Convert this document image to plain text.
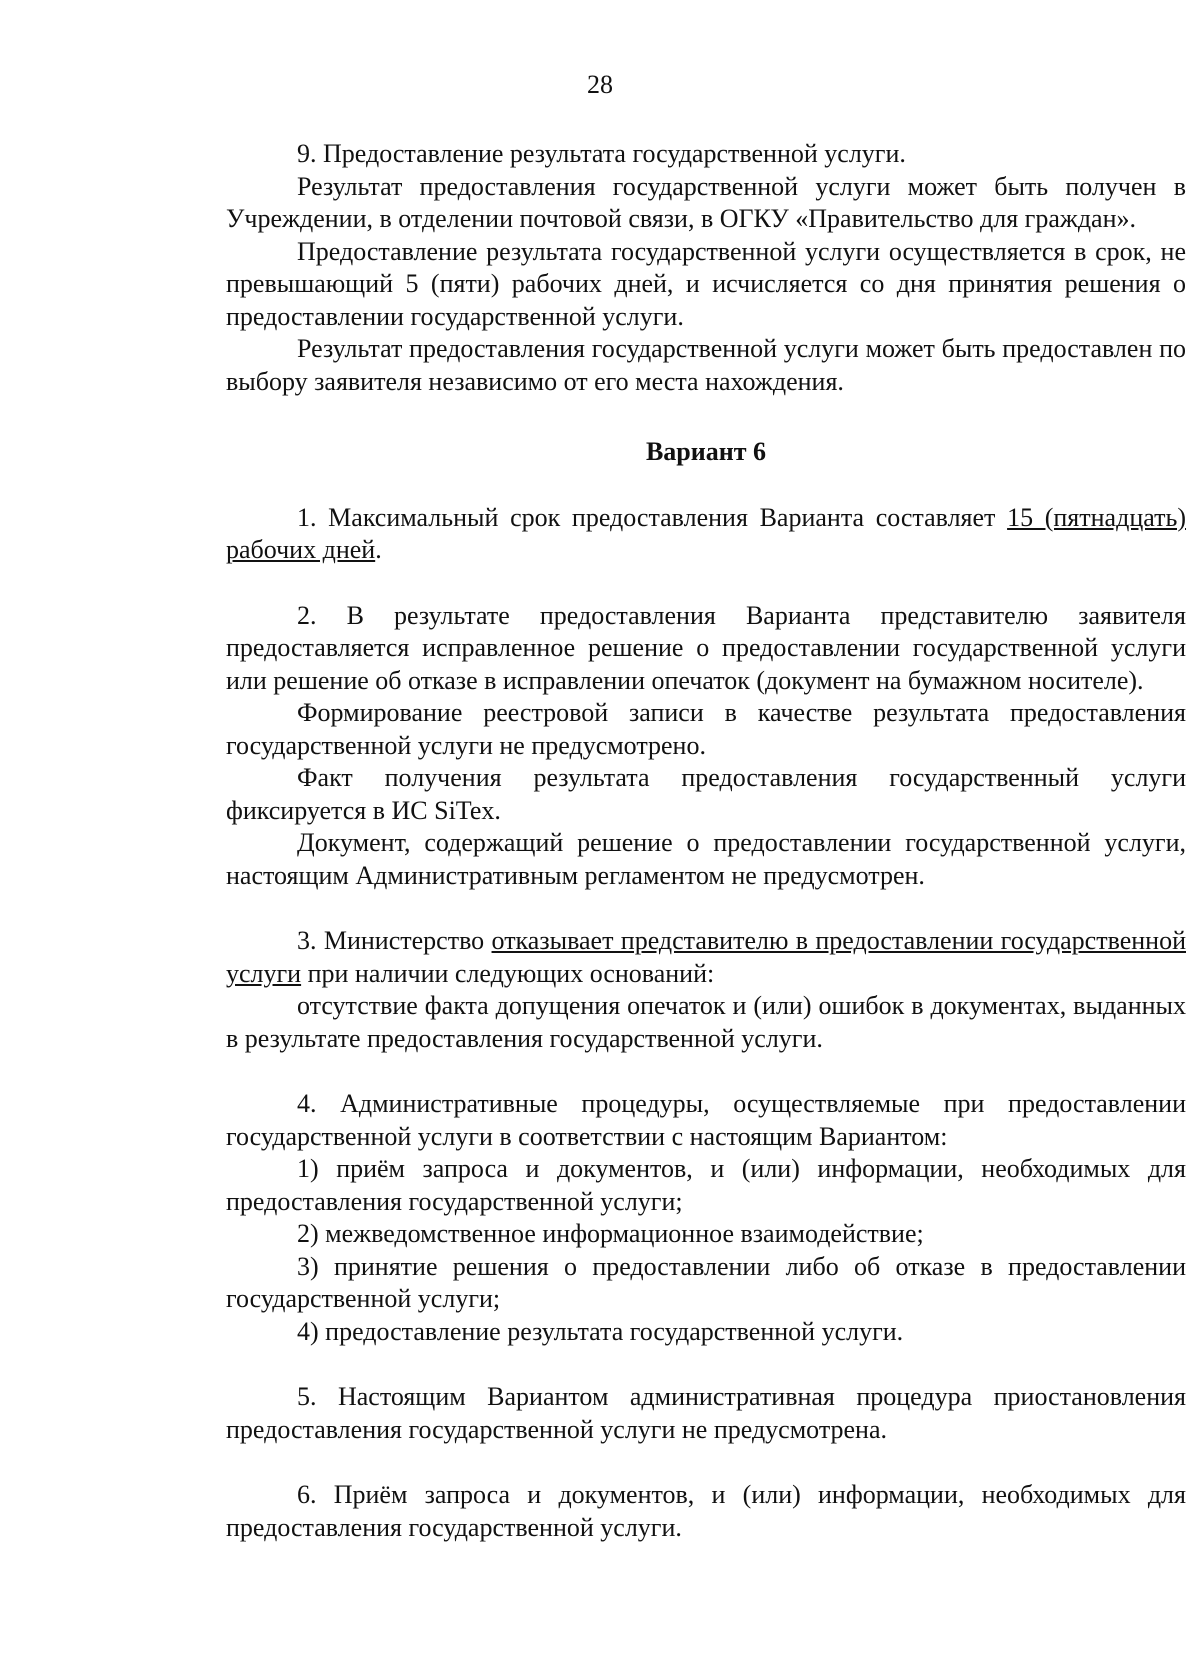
28

9. Предоставление результата государственной услуги.

Результат предоставления государственной услуги может быть получен в Учреждении, в отделении почтовой связи, в ОГКУ «Правительство для граждан».

Предоставление результата государственной услуги осуществляется в срок, не превышающий 5 (пяти) рабочих дней, и исчисляется со дня принятия решения о предоставлении государственной услуги.

Результат предоставления государственной услуги может быть предоставлен по выбору заявителя независимо от его места нахождения.

Вариант 6

1. Максимальный срок предоставления Варианта составляет 15 (пятнадцать) рабочих дней.

2. В результате предоставления Варианта представителю заявителя предоставляется исправленное решение о предоставлении государственной услуги или решение об отказе в исправлении опечаток (документ на бумажном носителе).

Формирование реестровой записи в качестве результата предоставления государственной услуги не предусмотрено.

Факт получения результата предоставления государственный услуги фиксируется в ИС SiTex.

Документ, содержащий решение о предоставлении государственной услуги, настоящим Административным регламентом не предусмотрен.

3. Министерство отказывает представителю в предоставлении государственной услуги при наличии следующих оснований:

отсутствие факта допущения опечаток и (или) ошибок в документах, выданных в результате предоставления государственной услуги.

4. Административные процедуры, осуществляемые при предоставлении государственной услуги в соответствии с настоящим Вариантом:

1) приём запроса и документов, и (или) информации, необходимых для предоставления государственной услуги;

2) межведомственное информационное взаимодействие;

3) принятие решения о предоставлении либо об отказе в предоставлении государственной услуги;

4) предоставление результата государственной услуги.

5. Настоящим Вариантом административная процедура приостановления предоставления государственной услуги не предусмотрена.

6. Приём запроса и документов, и (или) информации, необходимых для предоставления государственной услуги.
